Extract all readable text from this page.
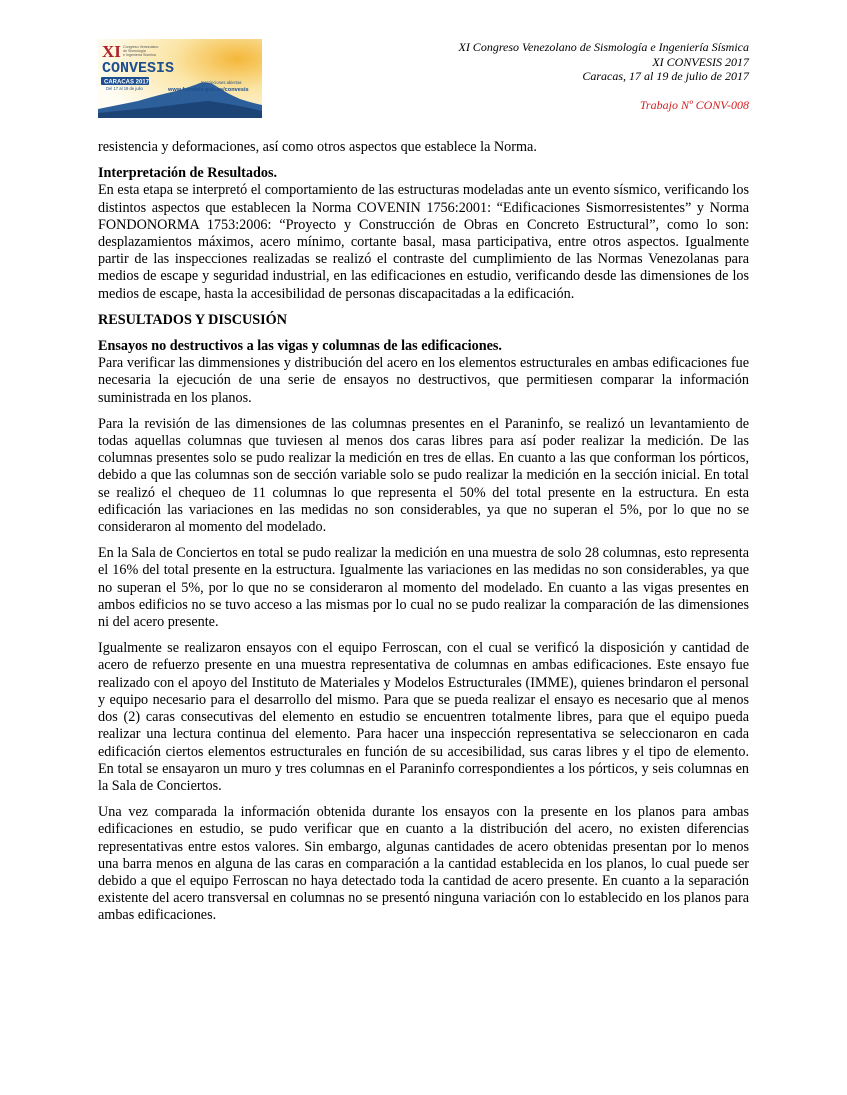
XI
CONVESIS
Congreso Venezolano
de Sismología
e Ingeniería Sísmica
CARACAS 2017
Del 17 al 19 de julio
Inscripciones abiertas
www.funvisis.gob.ve/convesis
XI Congreso Venezolano de Sismología e Ingeniería Sísmica
XI CONVESIS 2017
Caracas, 17 al 19 de julio de 2017
Trabajo Nº CONV-008

resistencia y deformaciones, así como otros aspectos que establece la Norma.

Interpretación de Resultados.
En esta etapa se interpretó el comportamiento de las estructuras modeladas ante un evento sísmico, verificando los distintos aspectos que establecen la Norma COVENIN 1756:2001: “Edificaciones Sismorresistentes” y Norma FONDONORMA 1753:2006: “Proyecto y Construcción de Obras en Concreto Estructural”, como lo son: desplazamientos máximos, acero mínimo, cortante basal, masa participativa, entre otros aspectos. Igualmente partir de las inspecciones realizadas se realizó el contraste del cumplimiento de las Normas Venezolanas para medios de escape y seguridad industrial, en las edificaciones en estudio, verificando desde las dimensiones de los medios de escape, hasta la accesibilidad de personas discapacitadas a la edificación.
RESULTADOS Y DISCUSIÓN
Ensayos no destructivos a las vigas y columnas de las edificaciones.
Para verificar las dimmensiones y distribución del acero en los elementos estructurales en ambas edificaciones fue necesaria la ejecución de una serie de ensayos no destructivos, que permitiesen comparar la información suministrada en los planos.

Para la revisión de las dimensiones de las columnas presentes en el Paraninfo, se realizó un levantamiento de todas aquellas columnas que tuviesen al menos dos caras libres para así poder realizar la medición. De las columnas presentes solo se pudo realizar la medición en tres de ellas. En cuanto a las que conforman los pórticos, debido a que las columnas son de sección variable solo se pudo realizar la medición en la sección inicial. En total se realizó el chequeo de 11 columnas lo que representa el 50% del total presente en la estructura. En esta edificación las variaciones en las medidas no son considerables, ya que no superan el 5%, por lo que no se consideraron al momento del modelado.

En la Sala de Conciertos en total se pudo realizar la medición en una muestra de solo 28 columnas, esto representa el 16% del total presente en la estructura. Igualmente las variaciones en las medidas no son considerables, ya que no superan el 5%, por lo que no se consideraron al momento del modelado. En cuanto a las vigas presentes en ambos edificios no se tuvo acceso a las mismas por lo cual no se pudo realizar la comparación de las dimensiones ni del acero presente.

Igualmente se realizaron ensayos con el equipo Ferroscan, con el cual se verificó la disposición y cantidad de acero de refuerzo presente en una muestra representativa de columnas en ambas edificaciones. Este ensayo fue realizado con el apoyo del Instituto de Materiales y Modelos Estructurales (IMME), quienes brindaron el personal y equipo necesario para el desarrollo del mismo. Para que se pueda realizar el ensayo es necesario que al menos dos (2) caras consecutivas del elemento en estudio se encuentren totalmente libres, para que el equipo pueda realizar una lectura continua del elemento. Para hacer una inspección representativa se seleccionaron en cada edificación ciertos elementos estructurales en función de su accesibilidad, sus caras libres y el tipo de elemento. En total se ensayaron un muro y tres columnas en el Paraninfo correspondientes a los pórticos, y seis columnas en la Sala de Conciertos.

Una vez comparada la información obtenida durante los ensayos con la presente en los planos para ambas edificaciones en estudio, se pudo verificar que en cuanto a la distribución del acero, no existen diferencias representativas entre estos valores. Sin embargo, algunas cantidades de acero obtenidas presentan por lo menos una barra menos en alguna de las caras en comparación a la cantidad establecida en los planos, lo cual puede ser debido a que el equipo Ferroscan no haya detectado toda la cantidad de acero presente. En cuanto a la separación existente del acero transversal en columnas no se presentó ninguna variación con lo establecido en los planos para ambas edificaciones.
